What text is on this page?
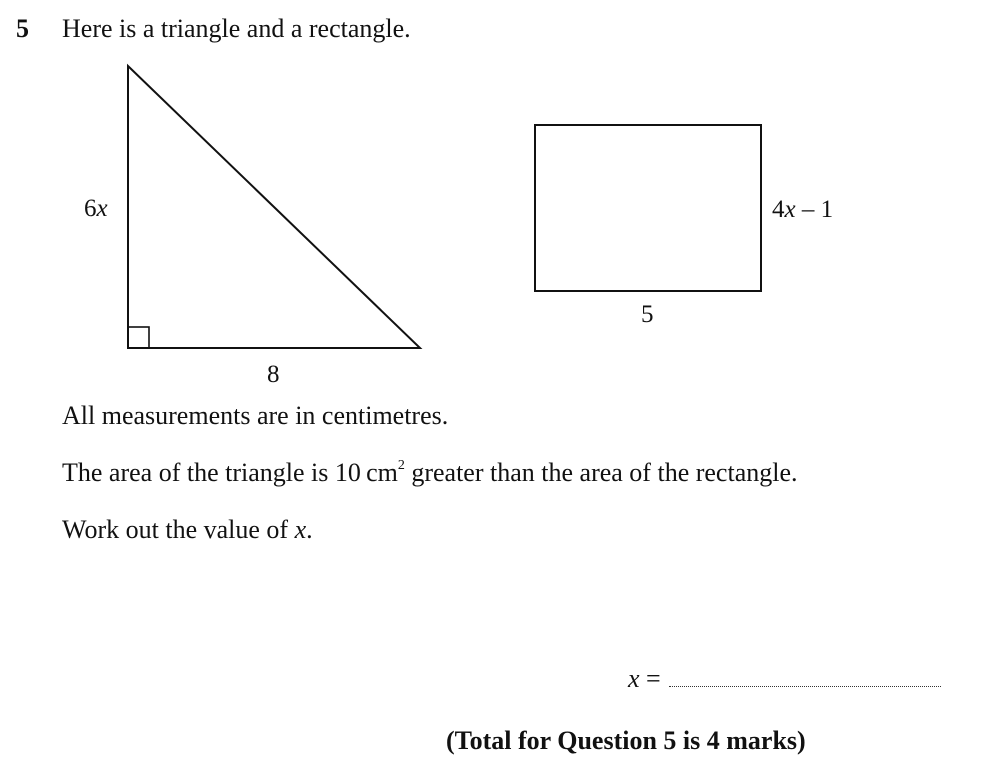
5 Here is a triangle and a rectangle.
6x
8
4x – 1
5
All measurements are in centimetres.
The area of the triangle is 10 $cm^2$ greater than the area of the rectangle.
Work out the value of x.
x =
(Total for Question 5 is 4 marks)
